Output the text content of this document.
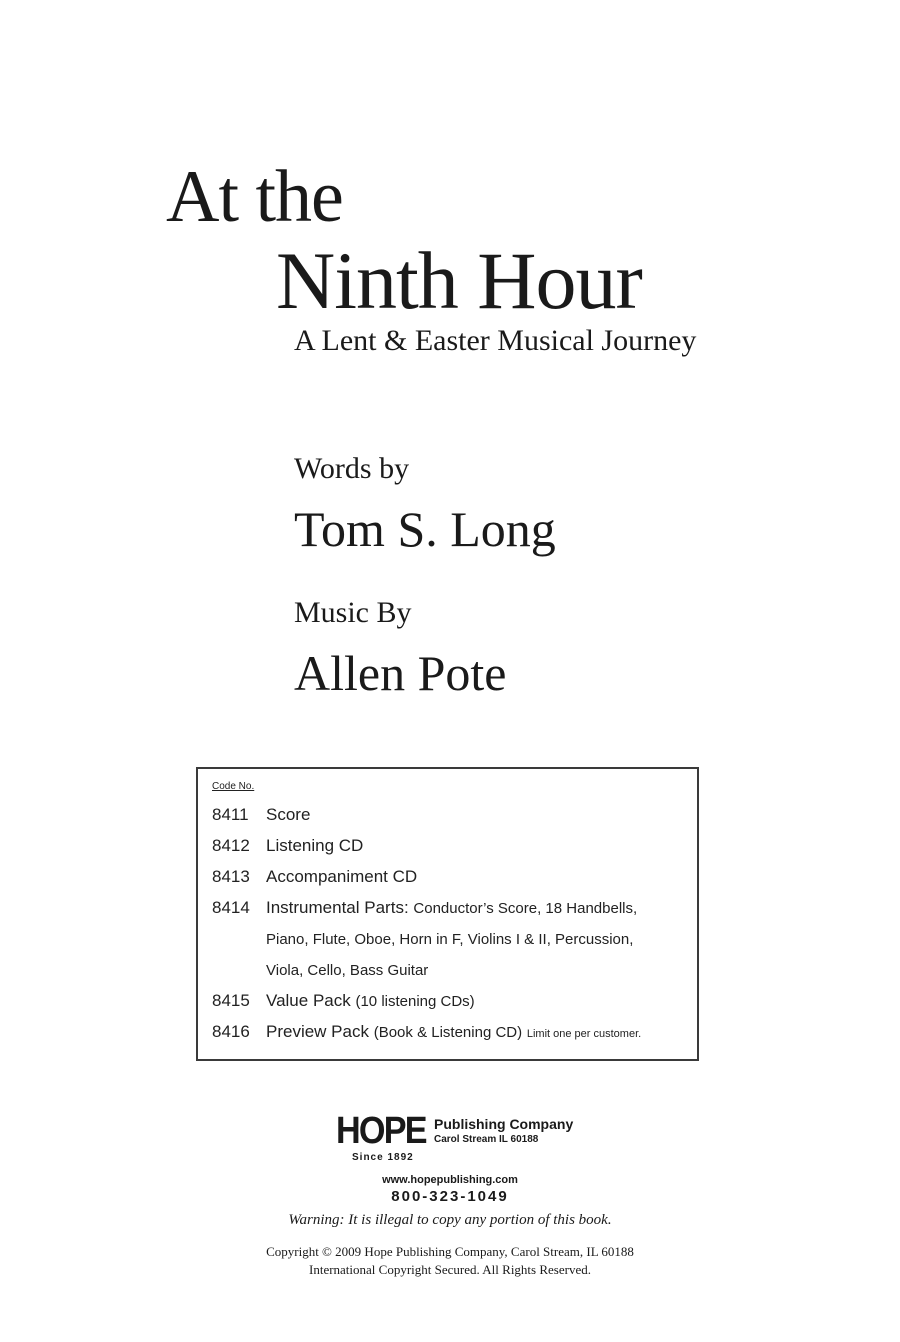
At the
Ninth Hour
A Lent & Easter Musical Journey
Words by
Tom S. Long
Music By
Allen Pote
Code No.
8411 Score
8412 Listening CD
8413 Accompaniment CD
8414 Instrumental Parts: Conductor’s Score, 18 Handbells,
Piano, Flute, Oboe, Horn in F, Violins I & II, Percussion,
Viola, Cello, Bass Guitar
8415 Value Pack (10 listening CDs)
8416 Preview Pack (Book & Listening CD) Limit one per customer.
HOPE Publishing Company
Carol Stream IL 60188
Since 1892
www.hopepublishing.com
800-323-1049
Warning: It is illegal to copy any portion of this book.
Copyright © 2009 Hope Publishing Company, Carol Stream, IL 60188
International Copyright Secured. All Rights Reserved.
